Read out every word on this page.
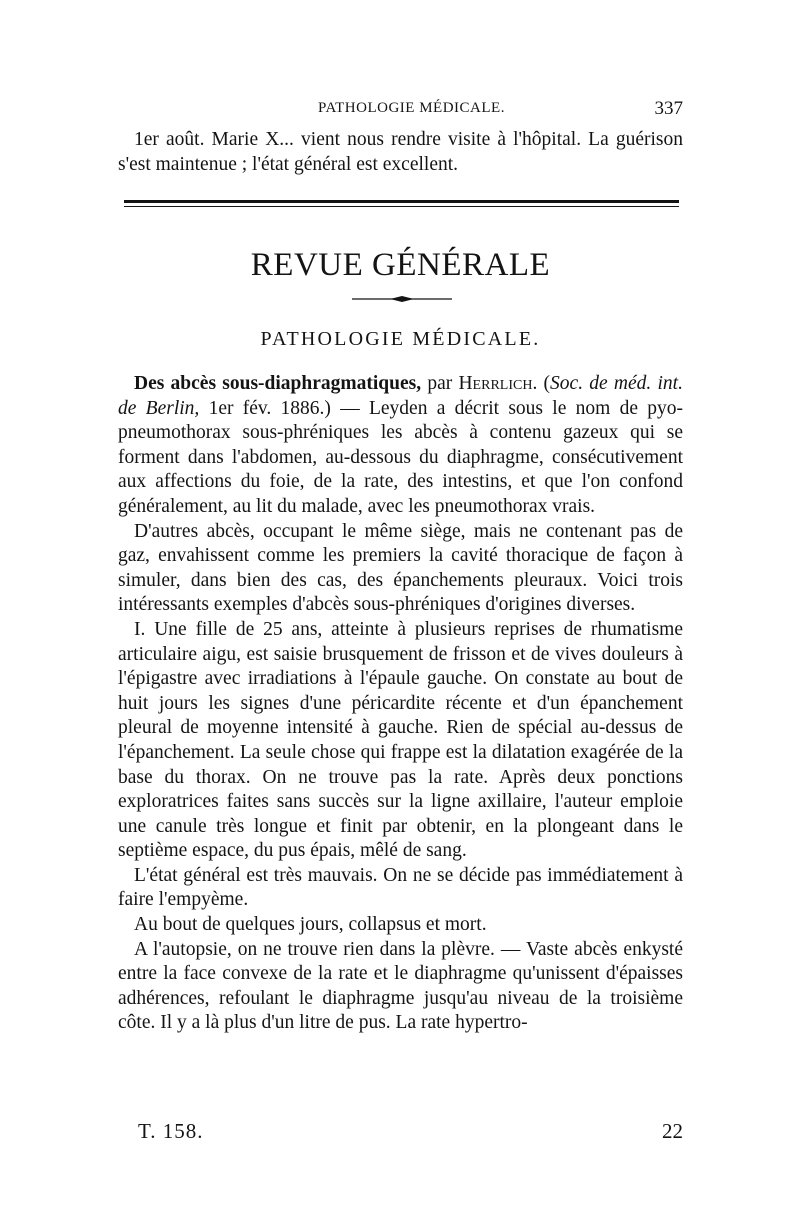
PATHOLOGIE MÉDICALE.	337

1er août. Marie X... vient nous rendre visite à l'hôpital. La guérison s'est maintenue ; l'état général est excellent.

REVUE GÉNÉRALE
PATHOLOGIE MÉDICALE.

Des abcès sous-diaphragmatiques, par Herrlich. (Soc. de méd. int. de Berlin, 1er fév. 1886.) — Leyden a décrit sous le nom de pyo-pneumothorax sous-phréniques les abcès à contenu gazeux qui se forment dans l'abdomen, au-dessous du diaphragme, consécutivement aux affections du foie, de la rate, des intestins, et que l'on confond généralement, au lit du malade, avec les pneumothorax vrais.

D'autres abcès, occupant le même siège, mais ne contenant pas de gaz, envahissent comme les premiers la cavité thoracique de façon à simuler, dans bien des cas, des épanchements pleuraux. Voici trois intéressants exemples d'abcès sous-phréniques d'origines diverses.

I. Une fille de 25 ans, atteinte à plusieurs reprises de rhumatisme articulaire aigu, est saisie brusquement de frisson et de vives douleurs à l'épigastre avec irradiations à l'épaule gauche. On constate au bout de huit jours les signes d'une péricardite récente et d'un épanchement pleural de moyenne intensité à gauche. Rien de spécial au-dessus de l'épanchement. La seule chose qui frappe est la dilatation exagérée de la base du thorax. On ne trouve pas la rate. Après deux ponctions exploratrices faites sans succès sur la ligne axillaire, l'auteur emploie une canule très longue et finit par obtenir, en la plongeant dans le septième espace, du pus épais, mêlé de sang.

L'état général est très mauvais. On ne se décide pas immédiatement à faire l'empyème.

Au bout de quelques jours, collapsus et mort.

A l'autopsie, on ne trouve rien dans la plèvre. — Vaste abcès enkysté entre la face convexe de la rate et le diaphragme qu'unissent d'épaisses adhérences, refoulant le diaphragme jusqu'au niveau de la troisième côte. Il y a là plus d'un litre de pus. La rate hypertro-

T. 158.	22
